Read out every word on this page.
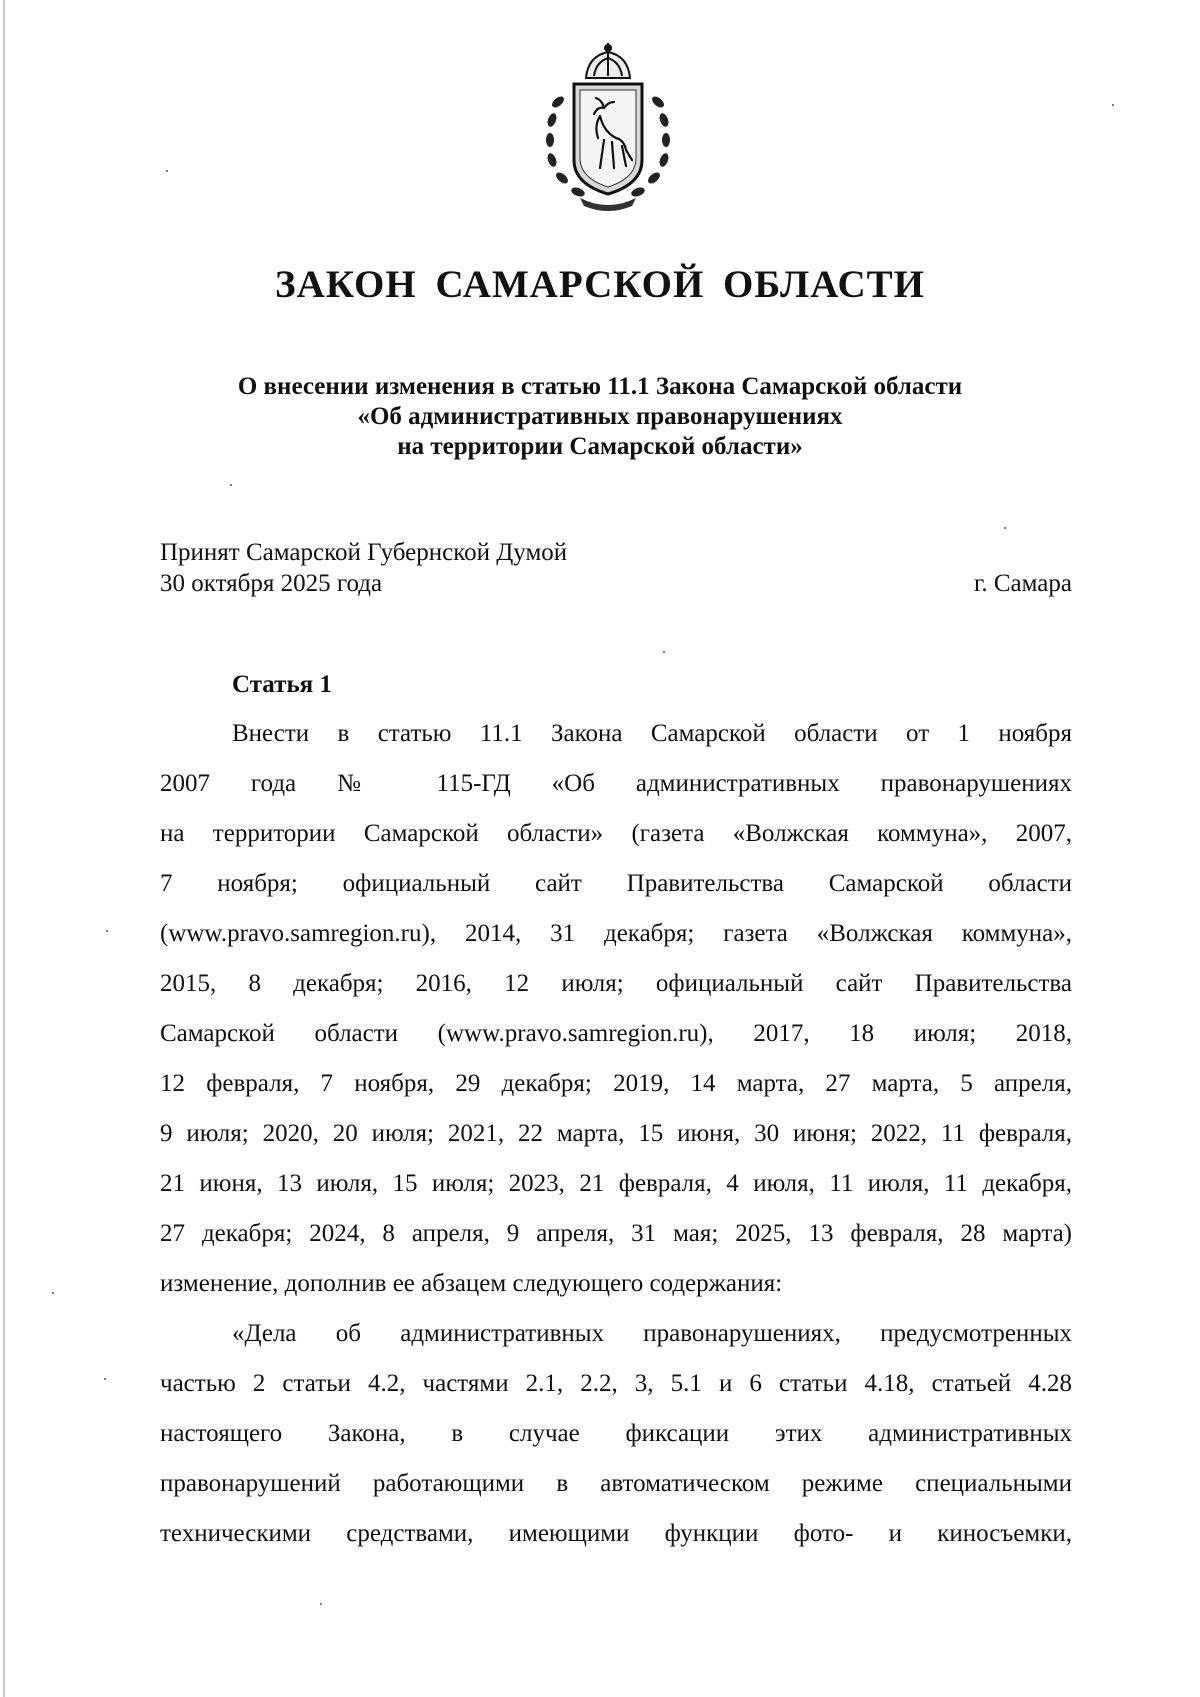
ЗАКОН САМАРСКОЙ ОБЛАСТИ
О внесении изменения в статью 11.1 Закона Самарской области
«Об административных правонарушениях
на территории Самарской области»
Принят Самарской Губернской Думой
30 октября 2025 года	г. Самара
Статья 1
Внести в статью 11.1 Закона Самарской области от 1 ноября
2007 года № 115-ГД «Об административных правонарушениях
на территории Самарской области» (газета «Волжская коммуна», 2007,
7 ноября; официальный сайт Правительства Самарской области
(www.pravo.samregion.ru), 2014, 31 декабря; газета «Волжская коммуна»,
2015, 8 декабря; 2016, 12 июля; официальный сайт Правительства
Самарской области (www.pravo.samregion.ru), 2017, 18 июля; 2018,
12 февраля, 7 ноября, 29 декабря; 2019, 14 марта, 27 марта, 5 апреля,
9 июля; 2020, 20 июля; 2021, 22 марта, 15 июня, 30 июня; 2022, 11 февраля,
21 июня, 13 июля, 15 июля; 2023, 21 февраля, 4 июля, 11 июля, 11 декабря,
27 декабря; 2024, 8 апреля, 9 апреля, 31 мая; 2025, 13 февраля, 28 марта)
изменение, дополнив ее абзацем следующего содержания:
«Дела об административных правонарушениях, предусмотренных
частью 2 статьи 4.2, частями 2.1, 2.2, 3, 5.1 и 6 статьи 4.18, статьей 4.28
настоящего Закона, в случае фиксации этих административных
правонарушений работающими в автоматическом режиме специальными
техническими средствами, имеющими функции фото- и киносъемки,
